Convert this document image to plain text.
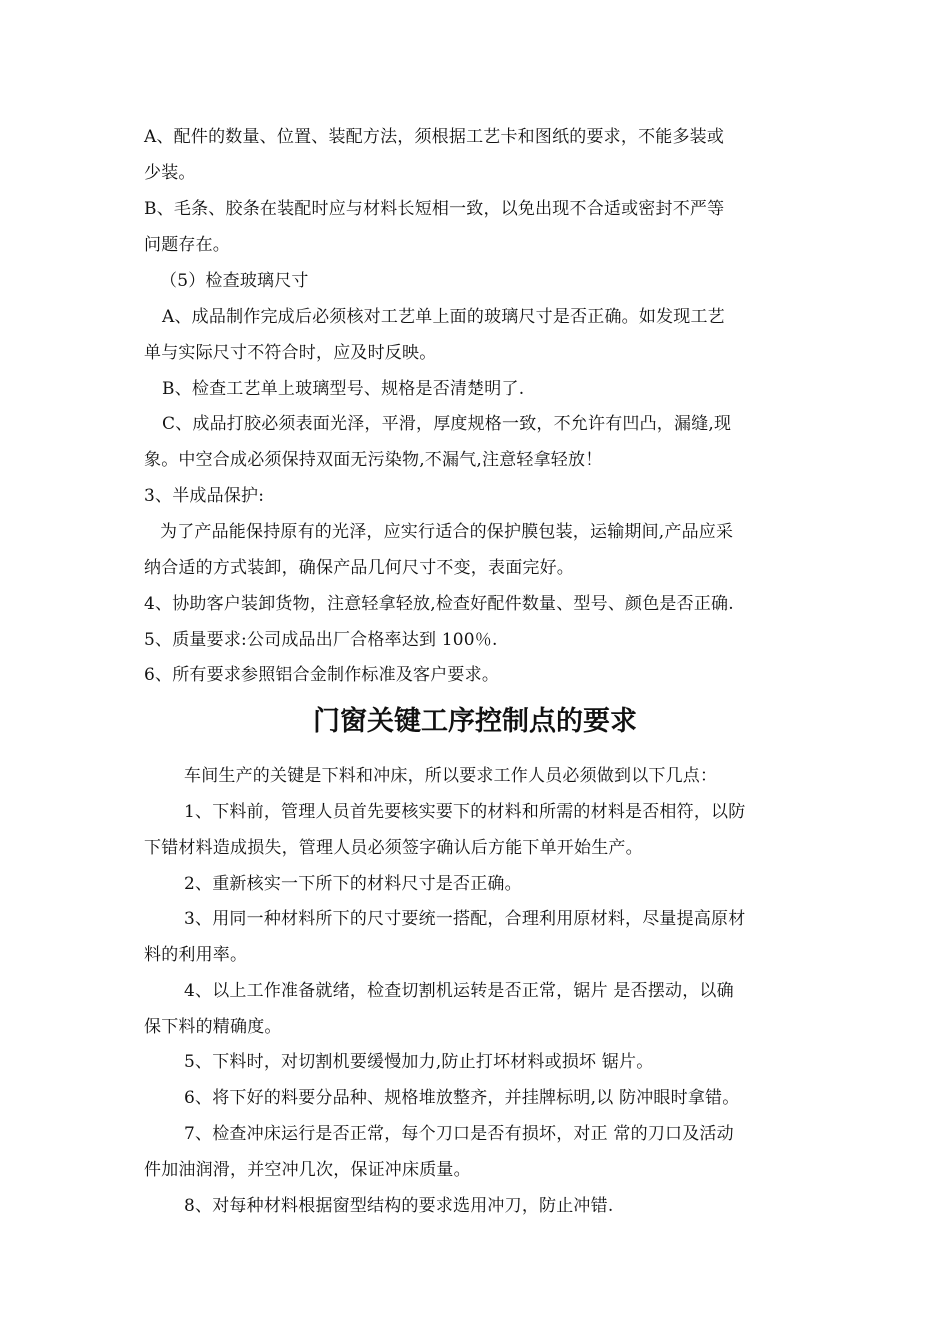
A、配件的数量、位置、装配方法，须根据工艺卡和图纸的要求，不能多装或
少装。
B、毛条、胶条在装配时应与材料长短相一致，以免出现不合适或密封不严等
问题存在。
（5）检查玻璃尺寸
A、成品制作完成后必须核对工艺单上面的玻璃尺寸是否正确。如发现工艺
单与实际尺寸不符合时，应及时反映。
B、检查工艺单上玻璃型号、规格是否清楚明了.
C、成品打胶必须表面光泽，平滑，厚度规格一致，不允许有凹凸，漏缝,现
象。中空合成必须保持双面无污染物,不漏气,注意轻拿轻放！
3、半成品保护:
为了产品能保持原有的光泽，应实行适合的保护膜包装，运输期间,产品应采
纳合适的方式装卸，确保产品几何尺寸不变，表面完好。
4、协助客户装卸货物，注意轻拿轻放,检查好配件数量、型号、颜色是否正确.
5、质量要求:公司成品出厂合格率达到 100％.
6、所有要求参照铝合金制作标准及客户要求。
门窗关键工序控制点的要求
车间生产的关键是下料和冲床，所以要求工作人员必须做到以下几点：
1、下料前，管理人员首先要核实要下的材料和所需的材料是否相符，以防
下错材料造成损失，管理人员必须签字确认后方能下单开始生产。
2、重新核实一下所下的材料尺寸是否正确。
3、用同一种材料所下的尺寸要统一搭配，合理利用原材料，尽量提高原材
料的利用率。
4、以上工作准备就绪，检查切割机运转是否正常，锯片 是否摆动，以确
保下料的精确度。
5、下料时，对切割机要缓慢加力,防止打坏材料或损坏 锯片。
6、将下好的料要分品种、规格堆放整齐，并挂牌标明,以 防冲眼时拿错。
7、检查冲床运行是否正常，每个刀口是否有损坏，对正 常的刀口及活动
件加油润滑，并空冲几次，保证冲床质量。
8、对每种材料根据窗型结构的要求选用冲刀，防止冲错.
